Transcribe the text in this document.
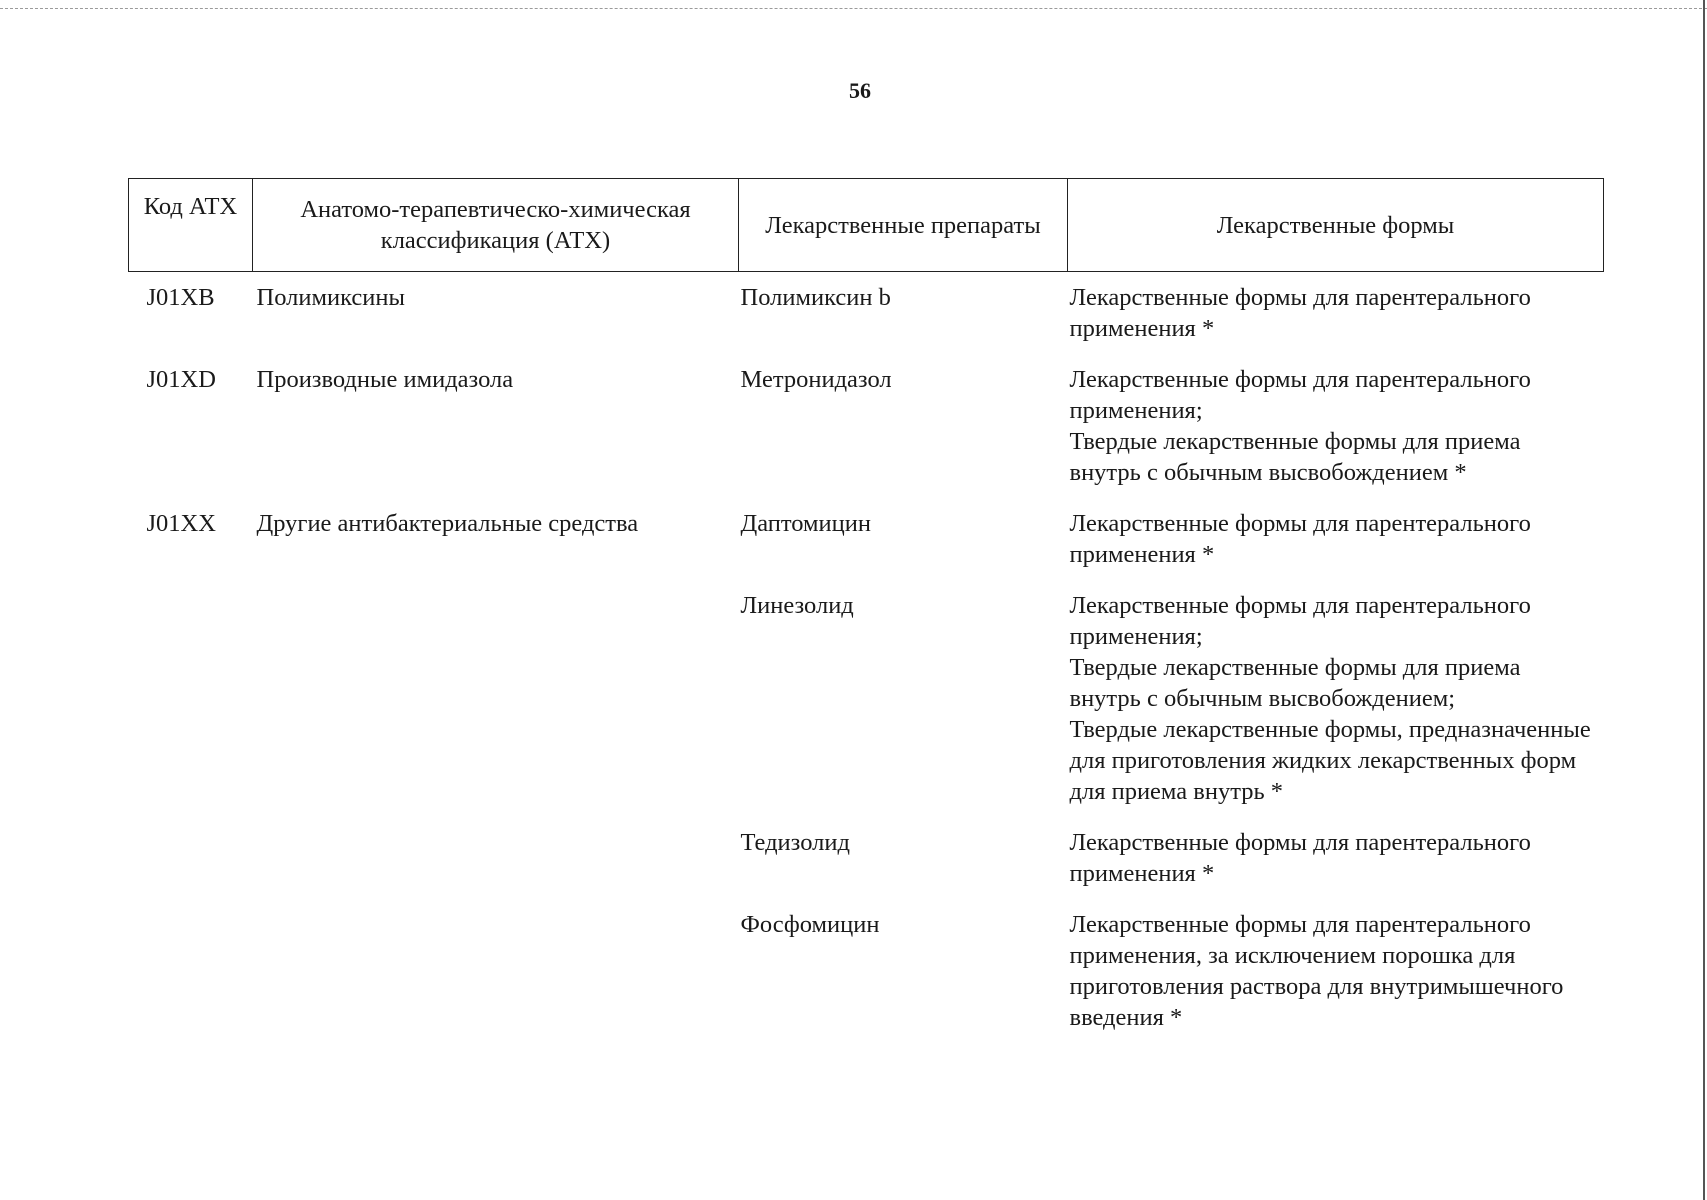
56
Код АТХ	Анатомо-терапевтическо-химическая классификация (АТХ)	Лекарственные препараты	Лекарственные формы
J01XB	Полимиксины	Полимиксин b	Лекарственные формы для парентерального применения *

J01XD	Производные имидазола	Метронидазол	Лекарственные формы для парентерального применения;
Твердые лекарственные формы для приема внутрь с обычным высвобождением *

J01XX	Другие антибактериальные средства	Даптомицин	Лекарственные формы для парентерального применения *

		Линезолид	Лекарственные формы для парентерального применения;
Твердые лекарственные формы для приема внутрь с обычным высвобождением;
Твердые лекарственные формы, предназначенные для приготовления жидких лекарственных форм для приема внутрь *

		Тедизолид	Лекарственные формы для парентерального применения *

		Фосфомицин	Лекарственные формы для парентерального применения, за исключением порошка для приготовления раствора для внутримышечного введения *
